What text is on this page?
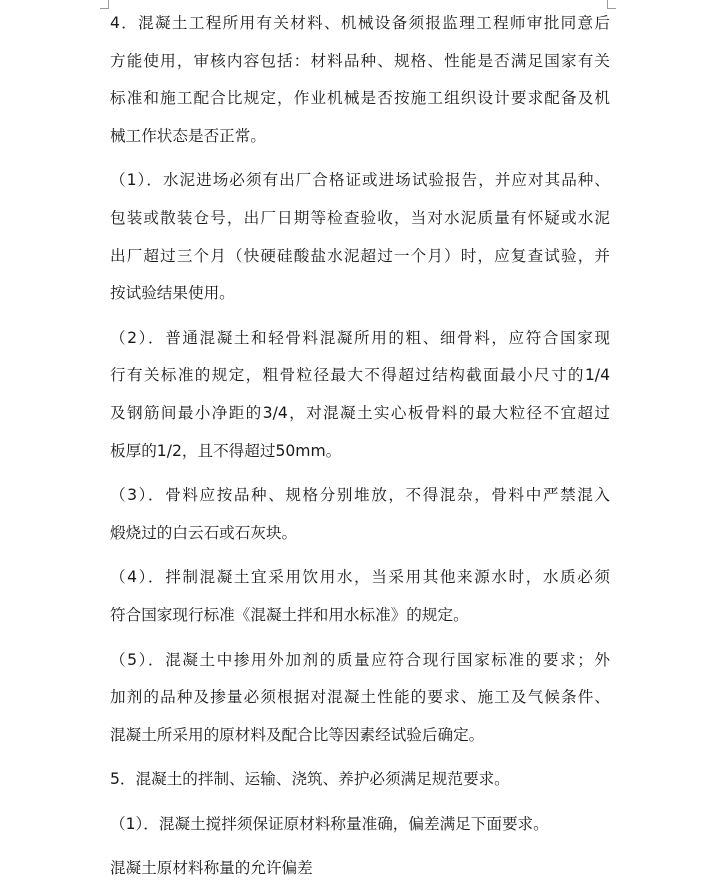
4．混凝土工程所用有关材料、机械设备须报监理工程师审批同意后
方能使用，审核内容包括：材料品种、规格、性能是否满足国家有关
标准和施工配合比规定，作业机械是否按施工组织设计要求配备及机
械工作状态是否正常。
（1）．水泥进场必须有出厂合格证或进场试验报告，并应对其品种、
包装或散装仓号，出厂日期等检查验收，当对水泥质量有怀疑或水泥
出厂超过三个月（快硬硅酸盐水泥超过一个月）时，应复查试验，并
按试验结果使用。
（2）．普通混凝土和轻骨料混凝所用的粗、细骨料，应符合国家现
行有关标准的规定，粗骨粒径最大不得超过结构截面最小尺寸的1/4
及钢筋间最小净距的3/4，对混凝土实心板骨料的最大粒径不宜超过
板厚的1/2，且不得超过50mm。
（3）．骨料应按品种、规格分别堆放，不得混杂，骨料中严禁混入
煅烧过的白云石或石灰块。
（4）．拌制混凝土宜采用饮用水，当采用其他来源水时，水质必须
符合国家现行标准《混凝土拌和用水标准》的规定。
（5）．混凝土中掺用外加剂的质量应符合现行国家标准的要求；外
加剂的品种及掺量必须根据对混凝土性能的要求、施工及气候条件、
混凝土所采用的原材料及配合比等因素经试验后确定。
5．混凝土的拌制、运输、浇筑、养护必须满足规范要求。
（1）．混凝土搅拌须保证原材料称量准确，偏差满足下面要求。
混凝土原材料称量的允许偏差
